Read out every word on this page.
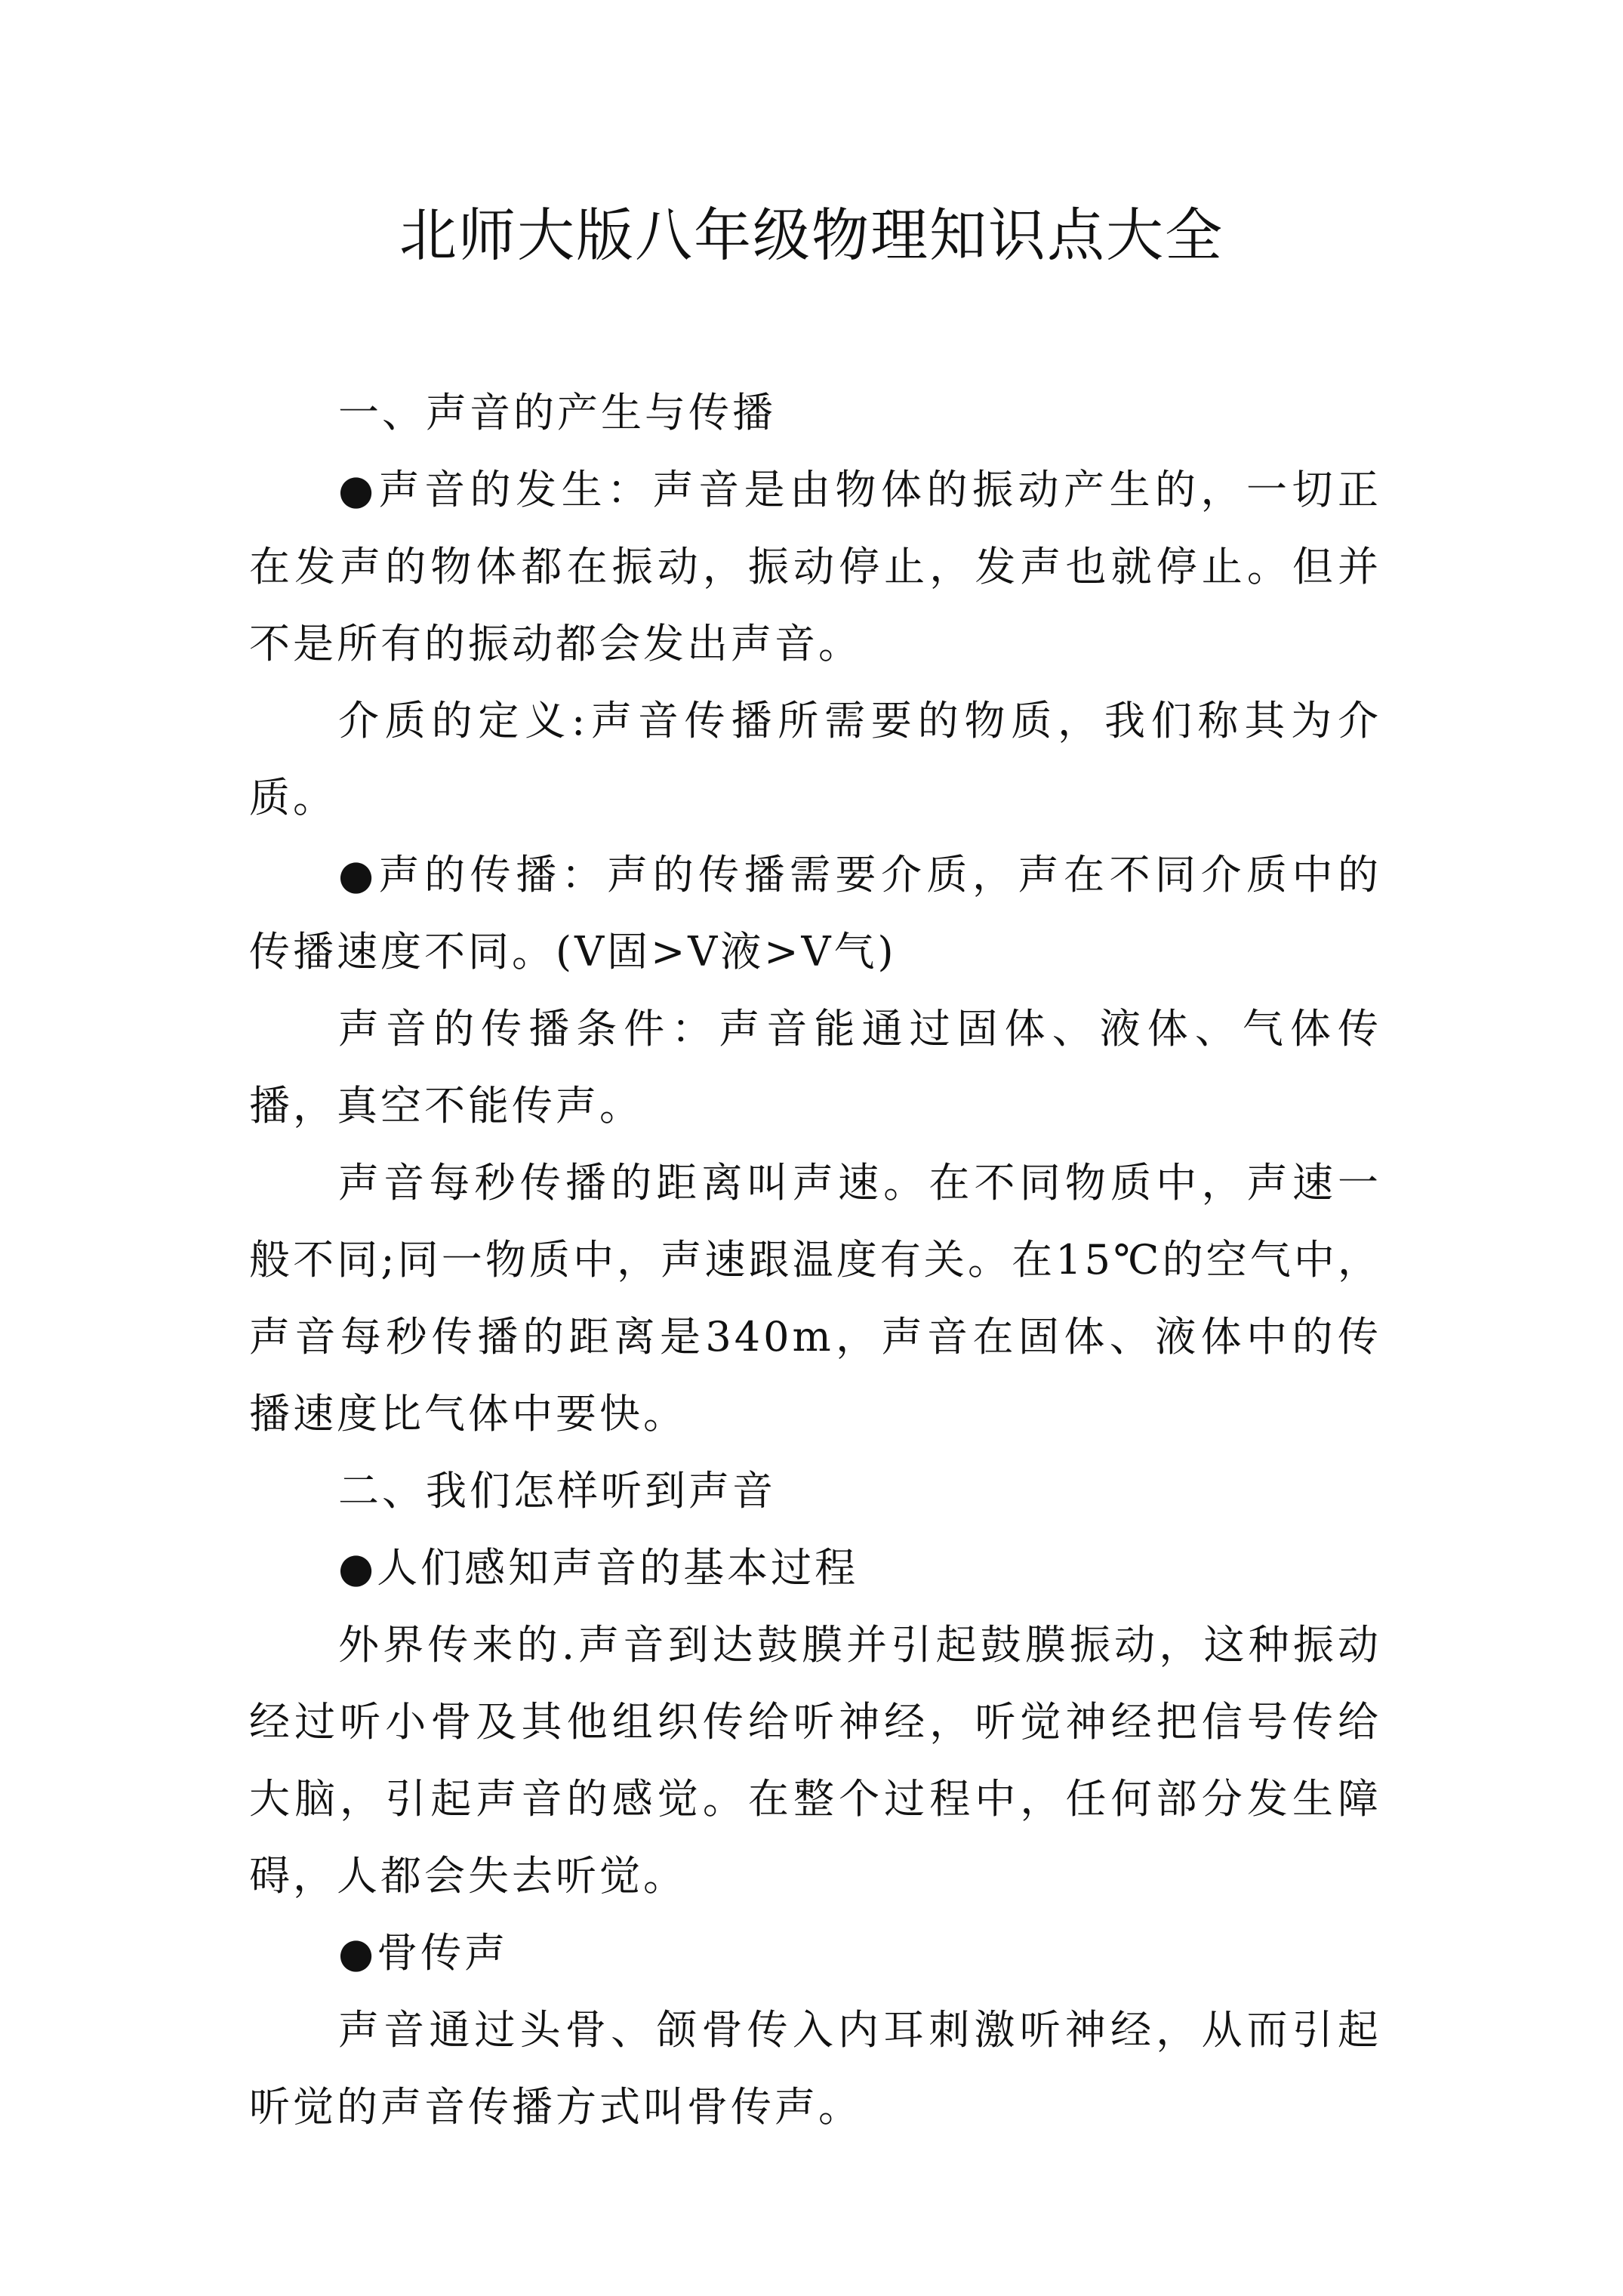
北师大版八年级物理知识点大全

一、声音的产生与传播

●声音的发生：声音是由物体的振动产生的，一切正在发声的物体都在振动，振动停止，发声也就停止。但并不是所有的振动都会发出声音。

介质的定义:声音传播所需要的物质，我们称其为介质。

●声的传播：声的传播需要介质，声在不同介质中的传播速度不同。(V固>V液>V气)

声音的传播条件：声音能通过固体、液体、气体传播，真空不能传声。

声音每秒传播的距离叫声速。在不同物质中，声速一般不同;同一物质中，声速跟温度有关。在15℃的空气中，声音每秒传播的距离是340m，声音在固体、液体中的传播速度比气体中要快。

二、我们怎样听到声音

●人们感知声音的基本过程

外界传来的.声音到达鼓膜并引起鼓膜振动，这种振动经过听小骨及其他组织传给听神经，听觉神经把信号传给大脑，引起声音的感觉。在整个过程中，任何部分发生障碍，人都会失去听觉。

●骨传声

声音通过头骨、颌骨传入内耳刺激听神经，从而引起听觉的声音传播方式叫骨传声。
